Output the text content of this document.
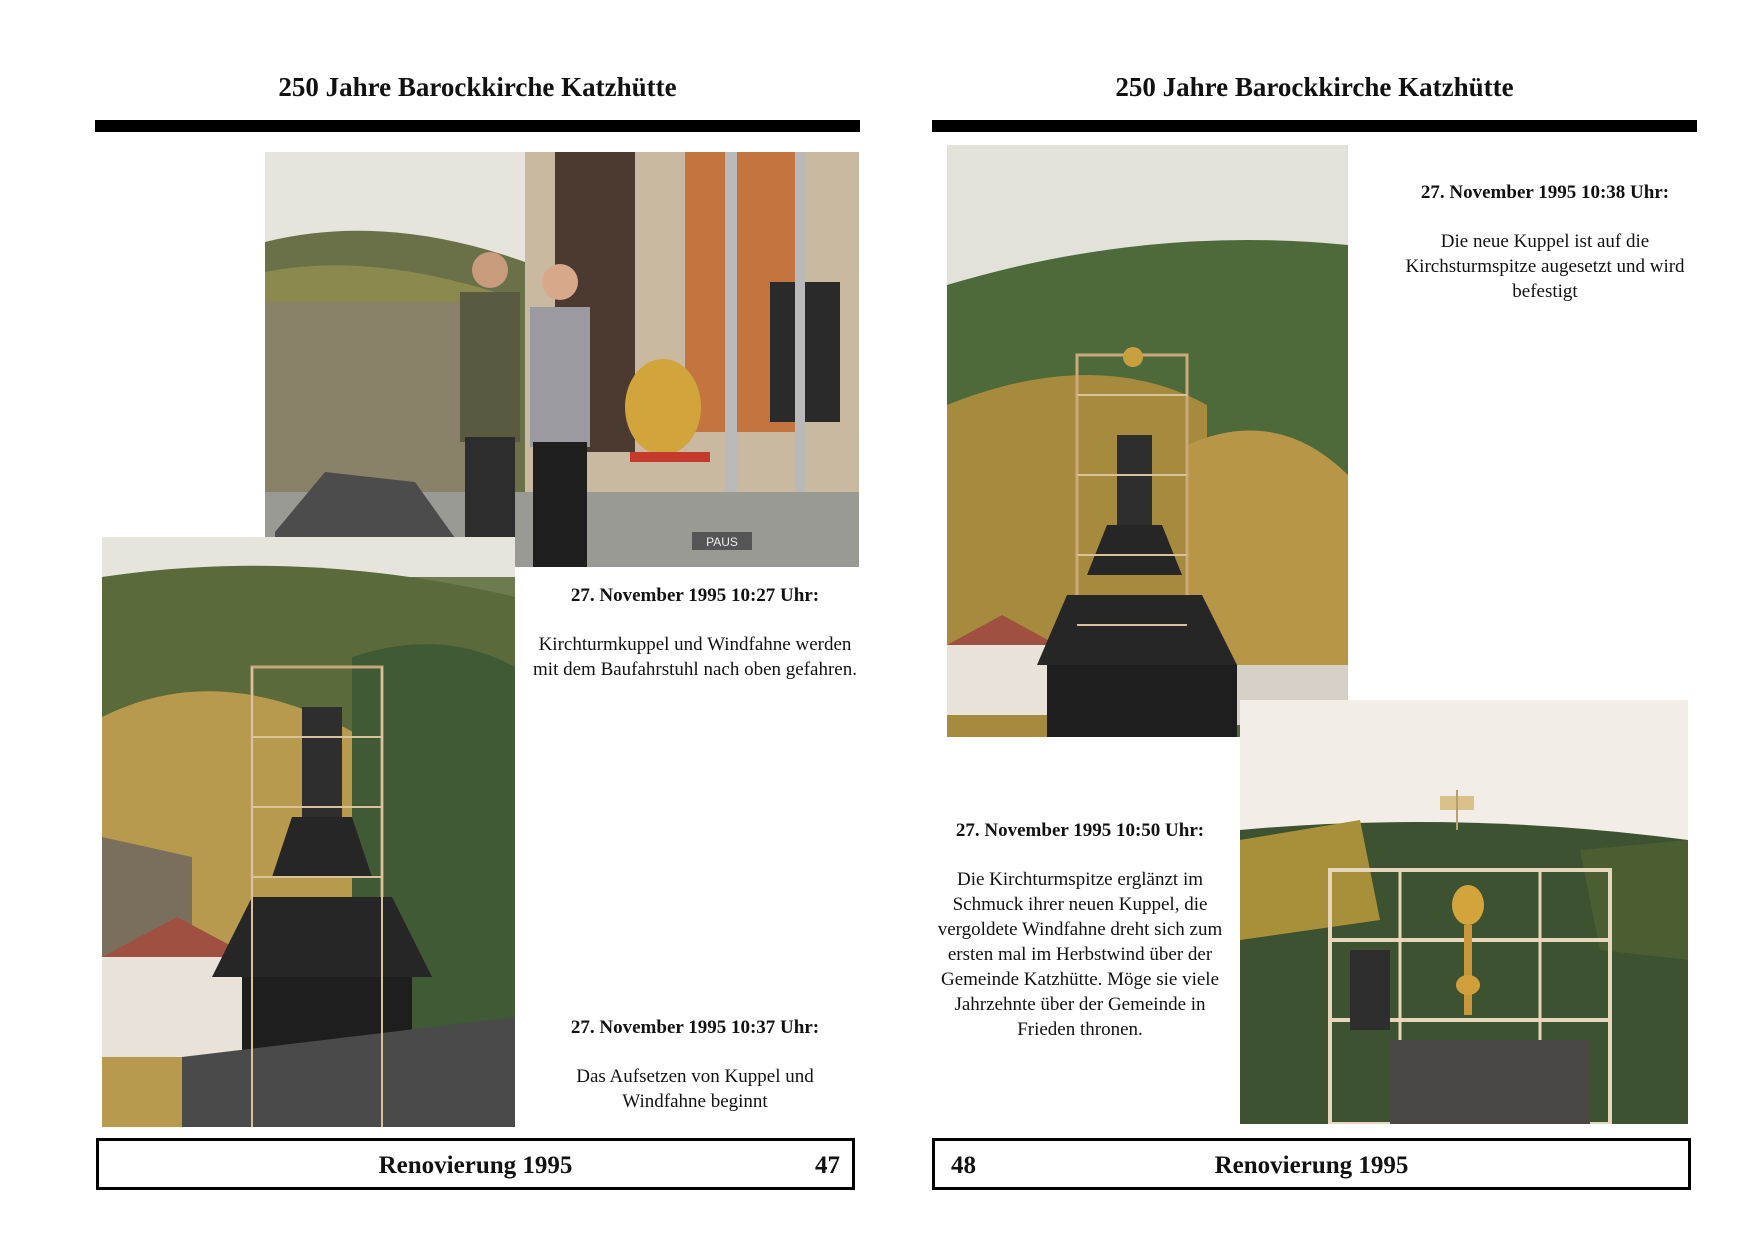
250 Jahre Barockkirche Katzhütte
PAUS
27. November 1995 10:27 Uhr:
Kirchturmkuppel und Windfahne werden mit dem Baufahrstuhl nach oben gefahren.
27. November 1995 10:37 Uhr:
Das Aufsetzen von Kuppel und Windfahne beginnt
Renovierung 1995	47
250 Jahre Barockkirche Katzhütte
27. November 1995 10:38 Uhr:
Die neue Kuppel ist auf die Kirchsturmspitze augesetzt und wird befestigt
27. November 1995 10:50 Uhr:
Die Kirchturmspitze erglänzt im Schmuck ihrer neuen Kuppel, die vergoldete Windfahne dreht sich zum ersten mal im Herbstwind über der Gemeinde Katzhütte. Möge sie viele Jahrzehnte über der Gemeinde in Frieden thronen.
48	Renovierung 1995
